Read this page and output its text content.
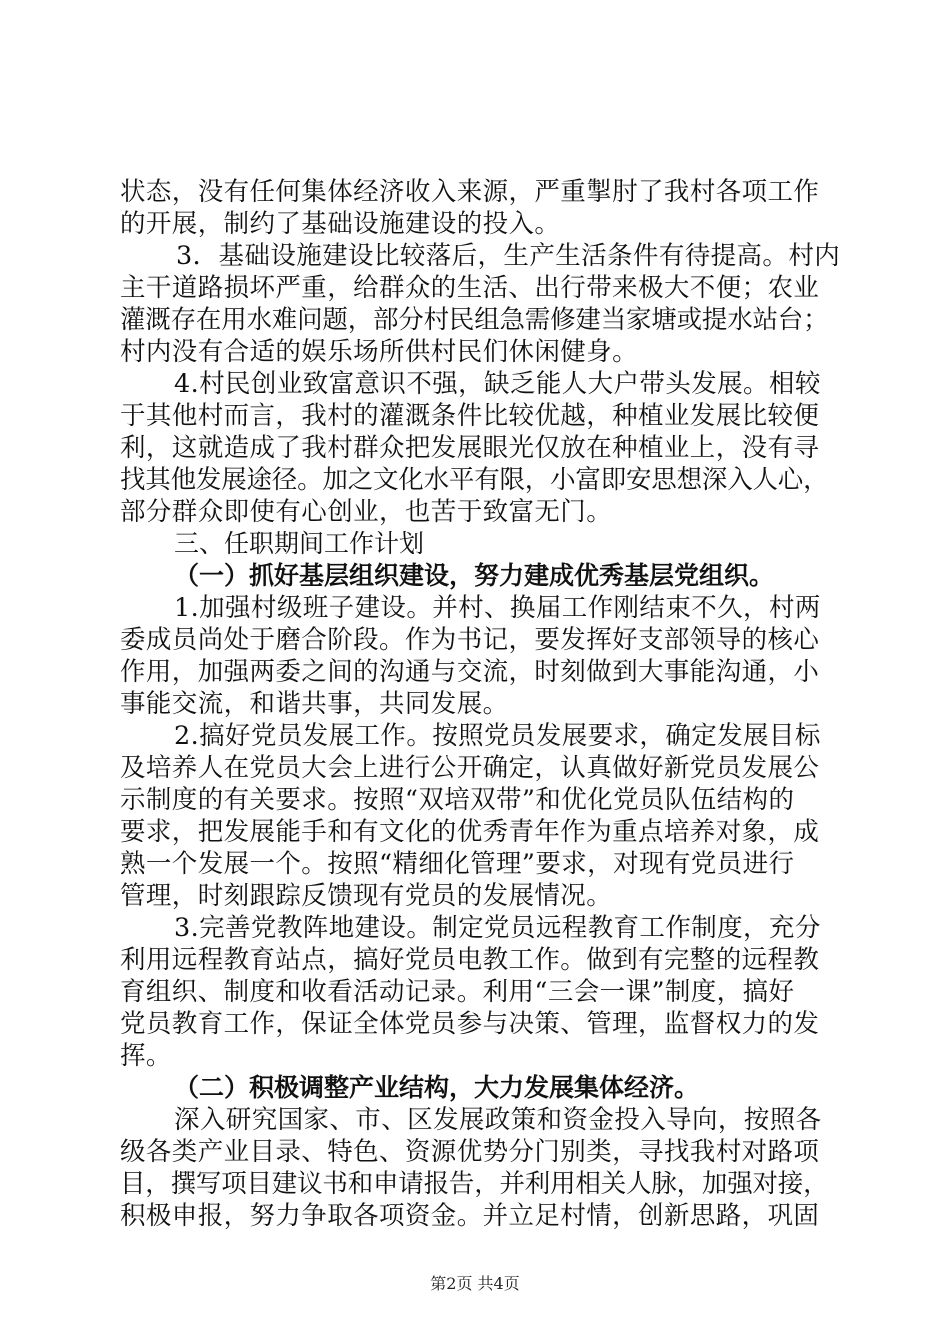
状态，没有任何集体经济收入来源，严重掣肘了我村各项工作
的开展，制约了基础设施建设的投入。
3．基础设施建设比较落后，生产生活条件有待提高。村内
主干道路损坏严重，给群众的生活、出行带来极大不便；农业
灌溉存在用水难问题，部分村民组急需修建当家塘或提水站台；
村内没有合适的娱乐场所供村民们休闲健身。
4.村民创业致富意识不强，缺乏能人大户带头发展。相较
于其他村而言，我村的灌溉条件比较优越，种植业发展比较便
利，这就造成了我村群众把发展眼光仅放在种植业上，没有寻
找其他发展途径。加之文化水平有限，小富即安思想深入人心，
部分群众即使有心创业，也苦于致富无门。
三、任职期间工作计划
（一）抓好基层组织建设，努力建成优秀基层党组织。
1.加强村级班子建设。并村、换届工作刚结束不久，村两
委成员尚处于磨合阶段。作为书记，要发挥好支部领导的核心
作用，加强两委之间的沟通与交流，时刻做到大事能沟通，小
事能交流，和谐共事，共同发展。
2.搞好党员发展工作。按照党员发展要求，确定发展目标
及培养人在党员大会上进行公开确定，认真做好新党员发展公
示制度的有关要求。按照“双培双带”和优化党员队伍结构的
要求，把发展能手和有文化的优秀青年作为重点培养对象，成
熟一个发展一个。按照“精细化管理”要求，对现有党员进行
管理，时刻跟踪反馈现有党员的发展情况。
3.完善党教阵地建设。制定党员远程教育工作制度，充分
利用远程教育站点，搞好党员电教工作。做到有完整的远程教
育组织、制度和收看活动记录。利用“三会一课”制度，搞好
党员教育工作，保证全体党员参与决策、管理，监督权力的发
挥。
（二）积极调整产业结构，大力发展集体经济。
深入研究国家、市、区发展政策和资金投入导向，按照各
级各类产业目录、特色、资源优势分门别类，寻找我村对路项
目，撰写项目建议书和申请报告，并利用相关人脉，加强对接，
积极申报，努力争取各项资金。并立足村情，创新思路，巩固
第2页 共4页
